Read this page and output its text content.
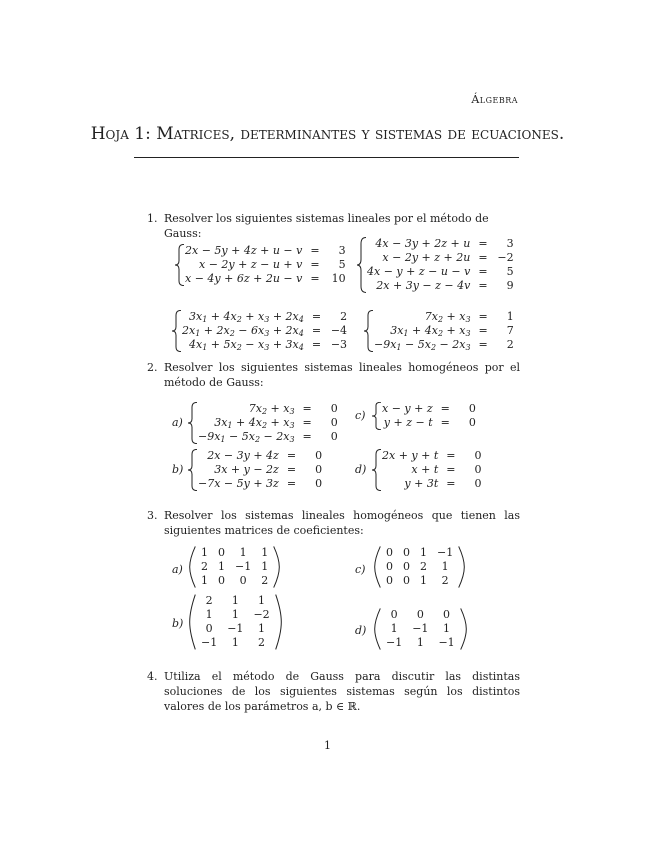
Álgebra
Hoja 1: Matrices, determinantes y sistemas de ecuaciones.
1. Resolver los siguientes sistemas lineales por el método de Gauss:
2x − 5y + 4z + u − v	=	3
x − 2y + z − u + v	=	5
x − 4y + 6z + 2u − v	=	10
4x − 3y + 2z + u	=	3
x − 2y + z + 2u	=	−2
4x − y + z − u − v	=	5
2x + 3y − z − 4v	=	9
$3x_1 + 4x_2 + x_3 + 2x_4$	=	2
$2x_1 + 2x_2 - 6x_3 + 2x_4$	=	−4
$4x_1 + 5x_2 - x_3 + 3x_4$	=	−3
$7x_2 + x_3$	=	1
$3x_1 + 4x_2 + x_3$	=	7
$-9x_1 - 5x_2 - 2x_3$	=	2
2. Resolver los siguientes sistemas lineales homogéneos por el método de Gauss:
a)
$7x_2 + x_3$	=	0
$3x_1 + 4x_2 + x_3$	=	0
$-9x_1 - 5x_2 - 2x_3$	=	0
c)
x − y + z	=	0
y + z − t	=	0
b)
2x − 3y + 4z	=	0
3x + y − 2z	=	0
−7x − 5y + 3z	=	0
d)
2x + y + t	=	0
x + t	=	0
y + 3t	=	0
3. Resolver los sistemas lineales homogéneos que tienen las siguientes matrices de coeficientes:
a)
1	0	1	1
2	1	−1	1
1	0	0	2
c)
0	0	1	−1
0	0	2	1
0	0	1	2
b)
2	1	1
1	1	−2
0	−1	1
−1	1	2
d)
0	0	0
1	−1	1
−1	1	−1
4. Utiliza el método de Gauss para discutir las distintas soluciones de los siguientes sistemas según los distintos valores de los parámetros a, b ∈ ℝ.
1
